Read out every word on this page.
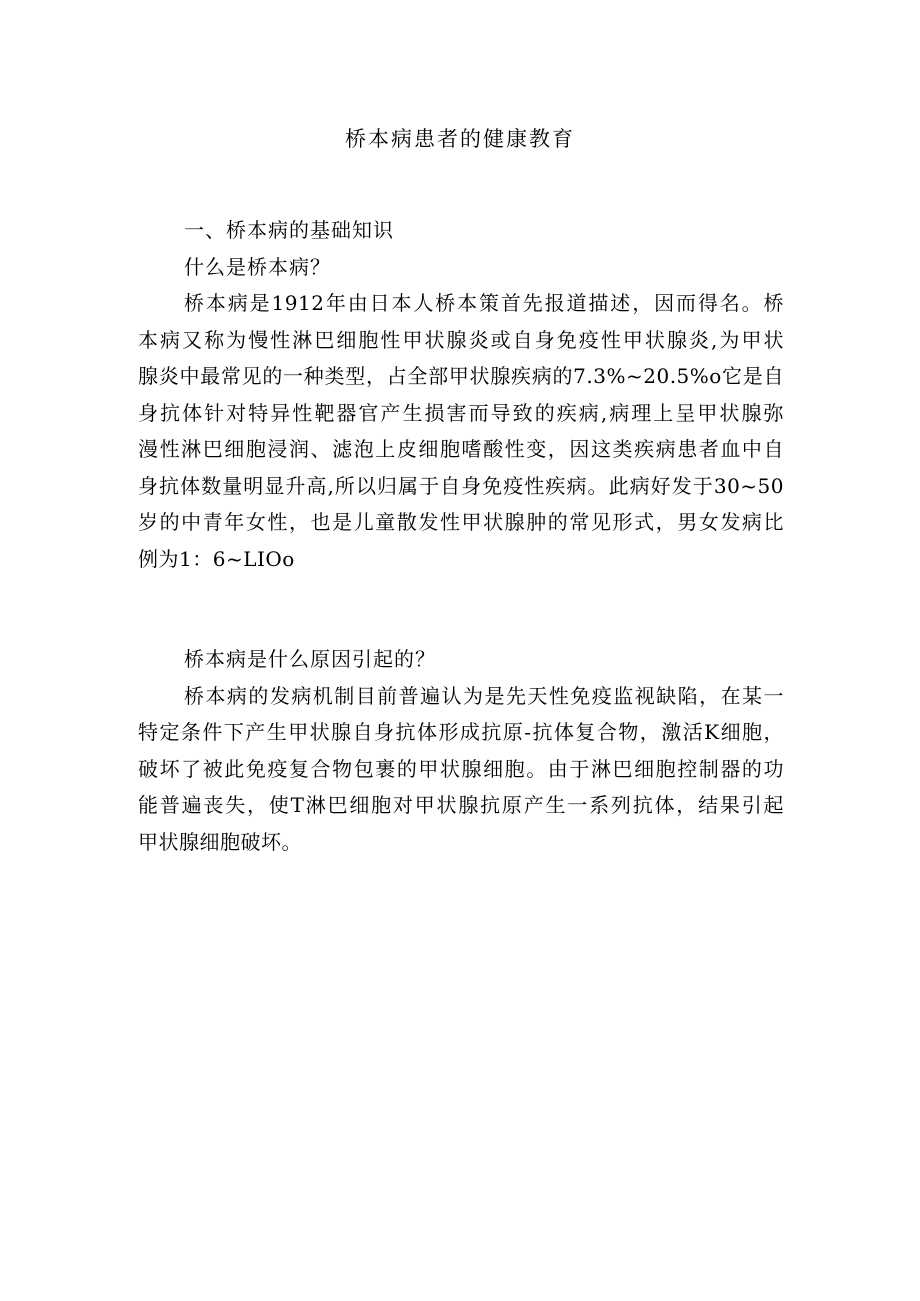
桥本病患者的健康教育

一、桥本病的基础知识

什么是桥本病？

桥本病是1912年由日本人桥本策首先报道描述，因而得名。桥

本病又称为慢性淋巴细胞性甲状腺炎或自身免疫性甲状腺炎,为甲状

腺炎中最常见的一种类型，占全部甲状腺疾病的7.3%~20.5%o它是自

身抗体针对特异性靶器官产生损害而导致的疾病,病理上呈甲状腺弥

漫性淋巴细胞浸润、滤泡上皮细胞嗜酸性变，因这类疾病患者血中自

身抗体数量明显升高,所以归属于自身免疫性疾病。此病好发于30~50

岁的中青年女性，也是儿童散发性甲状腺肿的常见形式，男女发病比

例为1：6~LIOo

桥本病是什么原因引起的？

桥本病的发病机制目前普遍认为是先天性免疫监视缺陷，在某一

特定条件下产生甲状腺自身抗体形成抗原-抗体复合物，激活K细胞，

破坏了被此免疫复合物包裹的甲状腺细胞。由于淋巴细胞控制器的功

能普遍丧失，使T淋巴细胞对甲状腺抗原产生一系列抗体，结果引起

甲状腺细胞破坏。
